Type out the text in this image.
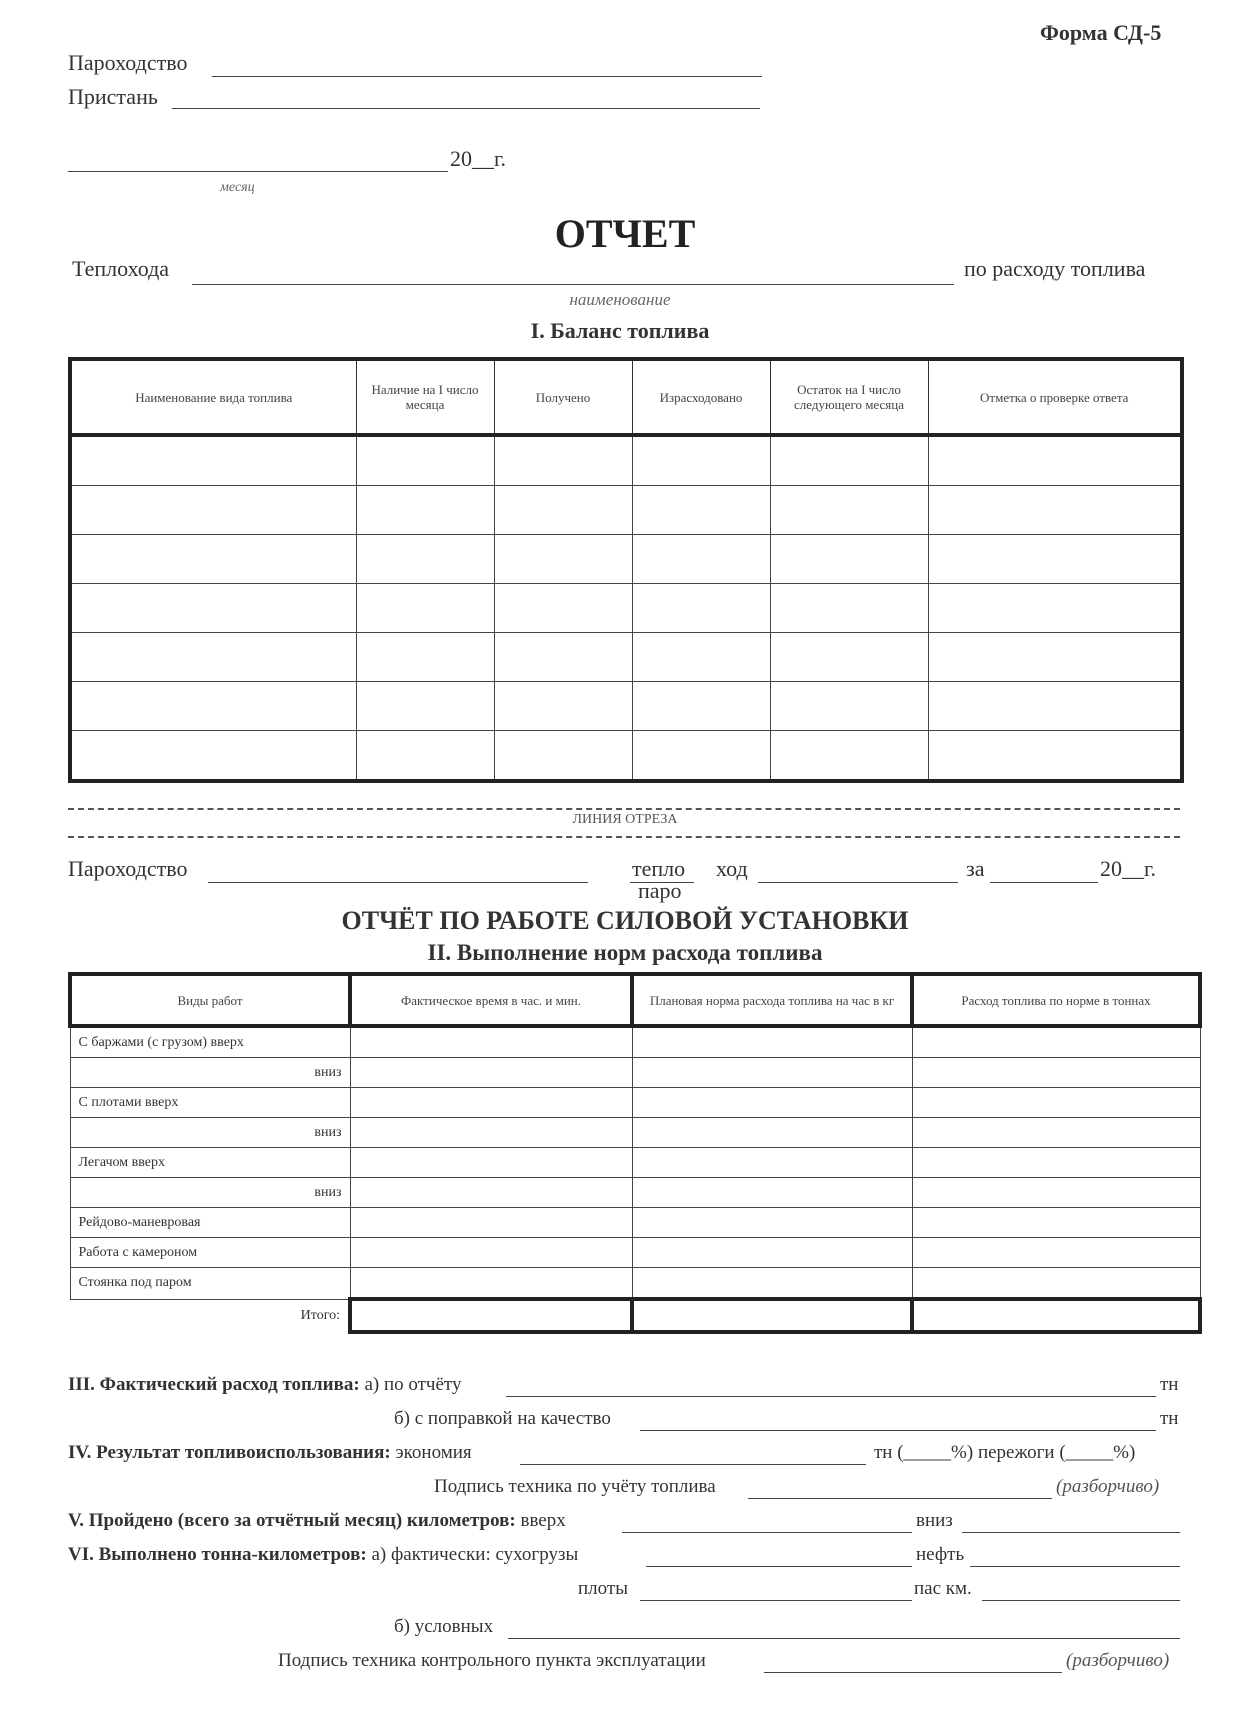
Форма СД-5
Пароходство
Пристань
20__г.
месяц
ОТЧЕТ
Теплохода	по расходу топлива
наименование
I. Баланс топлива
Наименование вида топлива	Наличие на I число месяца	Получено	Израсходовано	Остаток на I число следующего месяца	Отметка о проверке ответа

ЛИНИЯ ОТРЕЗА
Пароходство	тепло
паро
ход	за	20__г.
ОТЧЁТ ПО РАБОТЕ СИЛОВОЙ УСТАНОВКИ
II. Выполнение норм расхода топлива
Виды работ	Фактическое время в час. и мин.	Плановая норма расхода топлива на час в кг	Расход топлива по норме в тоннах
С баржами (с грузом) вверх			
вниз			
С плотами вверх			
вниз			
Легачом вверх			
вниз			
Рейдово-маневровая			
Работа с камероном			
Стоянка под паром			
Итого:			
III. Фактический расход топлива: а) по отчёту	тн
б) с поправкой на качество	тн
IV. Результат топливоиспользования: экономия	тн (_____%) пережоги (_____%)
Подпись техника по учёту топлива	(разборчиво)
V. Пройдено (всего за отчётный месяц) километров: вверх	вниз
VI. Выполнено тонна-километров: а) фактически: сухогрузы	нефть
плоты	пас км.
б) условных
Подпись техника контрольного пункта эксплуатации	(разборчиво)
